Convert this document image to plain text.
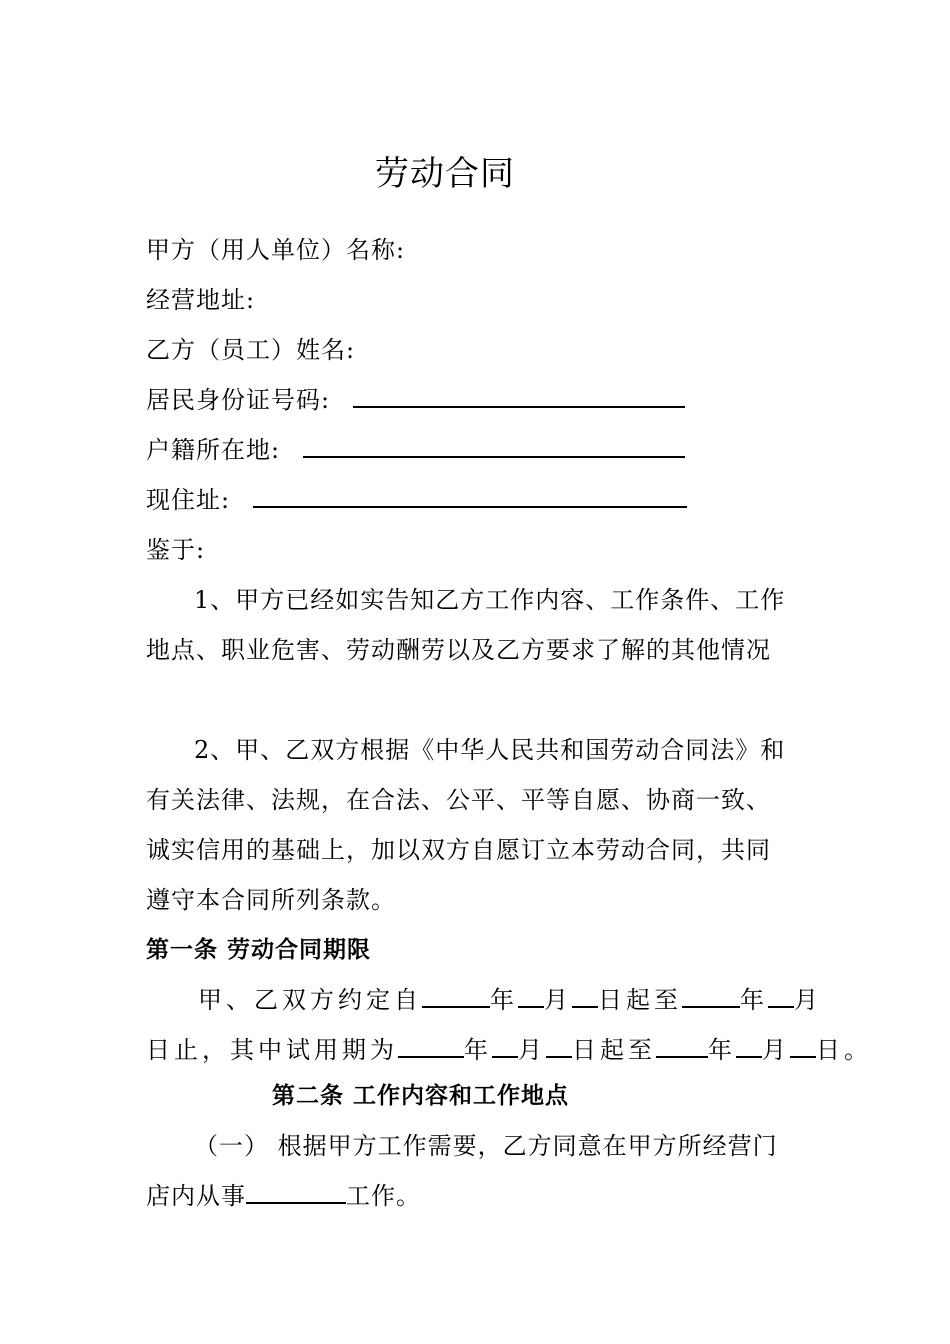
劳动合同
甲方（用人单位）名称:
经营地址:
乙方（员工）姓名:
居民身份证号码:
户籍所在地:
现住址:
鉴于:
1、甲方已经如实告知乙方工作内容、工作条件、工作
地点、职业危害、劳动酬劳以及乙方要求了解的其他情况
2、甲、乙双方根据《中华人民共和国劳动合同法》和
有关法律、法规，在合法、公平、平等自愿、协商一致、
诚实信用的基础上，加以双方自愿订立本劳动合同，共同
遵守本合同所列条款。
第一条 劳动合同期限
甲、乙双方约定自	年 月 日起至 年 月
日止，其中试用期为	年 月 日起至 年 月 日。
第二条 工作内容和工作地点
（一） 根据甲方工作需要，乙方同意在甲方所经营门
店内从事	工作。
